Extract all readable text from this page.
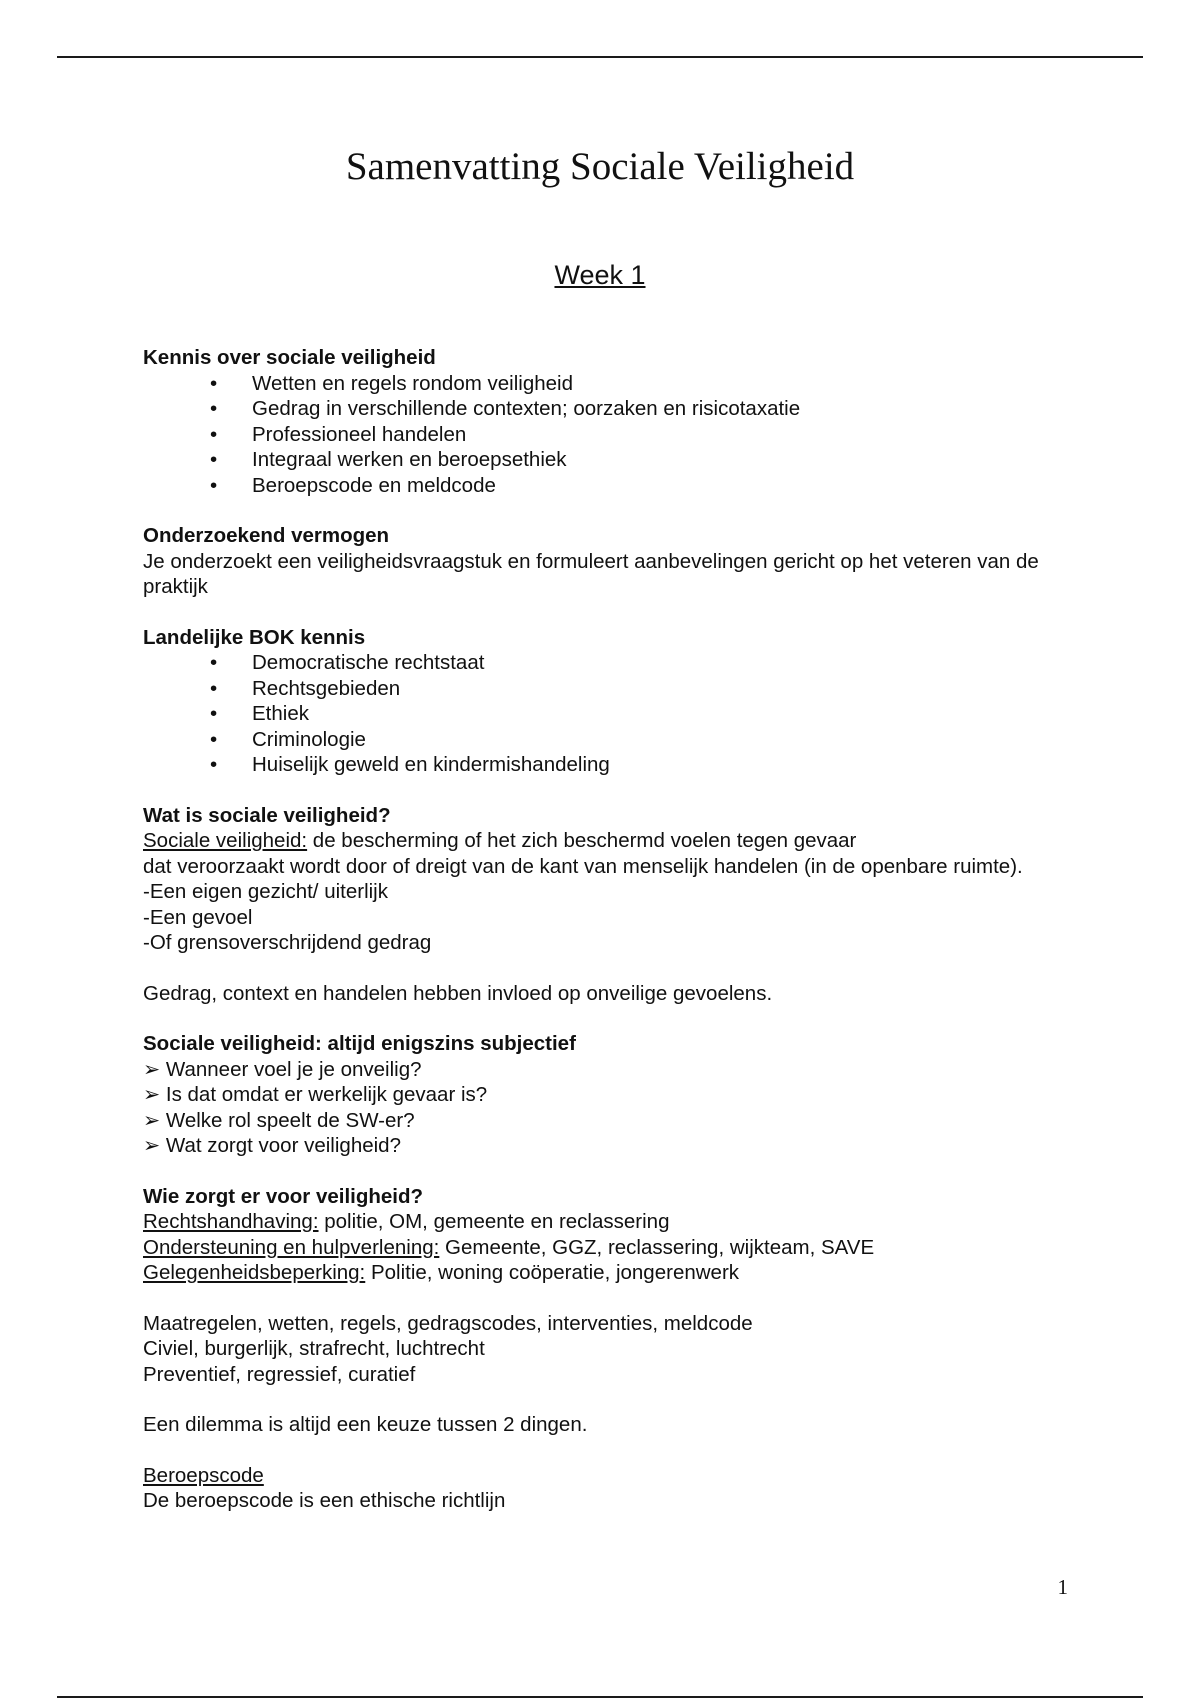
Samenvatting Sociale Veiligheid
Week 1

Kennis over sociale veiligheid

• Wetten en regels rondom veiligheid
• Gedrag in verschillende contexten; oorzaken en risicotaxatie
• Professioneel handelen
• Integraal werken en beroepsethiek
• Beroepscode en meldcode

Onderzoekend vermogen

Je onderzoekt een veiligheidsvraagstuk en formuleert aanbevelingen gericht op het veteren van de praktijk

Landelijke BOK kennis

• Democratische rechtstaat
• Rechtsgebieden
• Ethiek
• Criminologie
• Huiselijk geweld en kindermishandeling

Wat is sociale veiligheid?

Sociale veiligheid: de bescherming of het zich beschermd voelen tegen gevaar

dat veroorzaakt wordt door of dreigt van de kant van menselijk handelen (in de openbare ruimte).

-Een eigen gezicht/ uiterlijk

-Een gevoel

-Of grensoverschrijdend gedrag

Gedrag, context en handelen hebben invloed op onveilige gevoelens.

Sociale veiligheid: altijd enigszins subjectief

➢ Wanneer voel je je onveilig?
➢ Is dat omdat er werkelijk gevaar is?
➢ Welke rol speelt de SW-er?
➢ Wat zorgt voor veiligheid?

Wie zorgt er voor veiligheid?

Rechtshandhaving: politie, OM, gemeente en reclassering

Ondersteuning en hulpverlening: Gemeente, GGZ, reclassering, wijkteam, SAVE

Gelegenheidsbeperking: Politie, woning coöperatie, jongerenwerk

Maatregelen, wetten, regels, gedragscodes, interventies, meldcode

Civiel, burgerlijk, strafrecht, luchtrecht

Preventief, regressief, curatief

Een dilemma is altijd een keuze tussen 2 dingen.

Beroepscode

De beroepscode is een ethische richtlijn

1
